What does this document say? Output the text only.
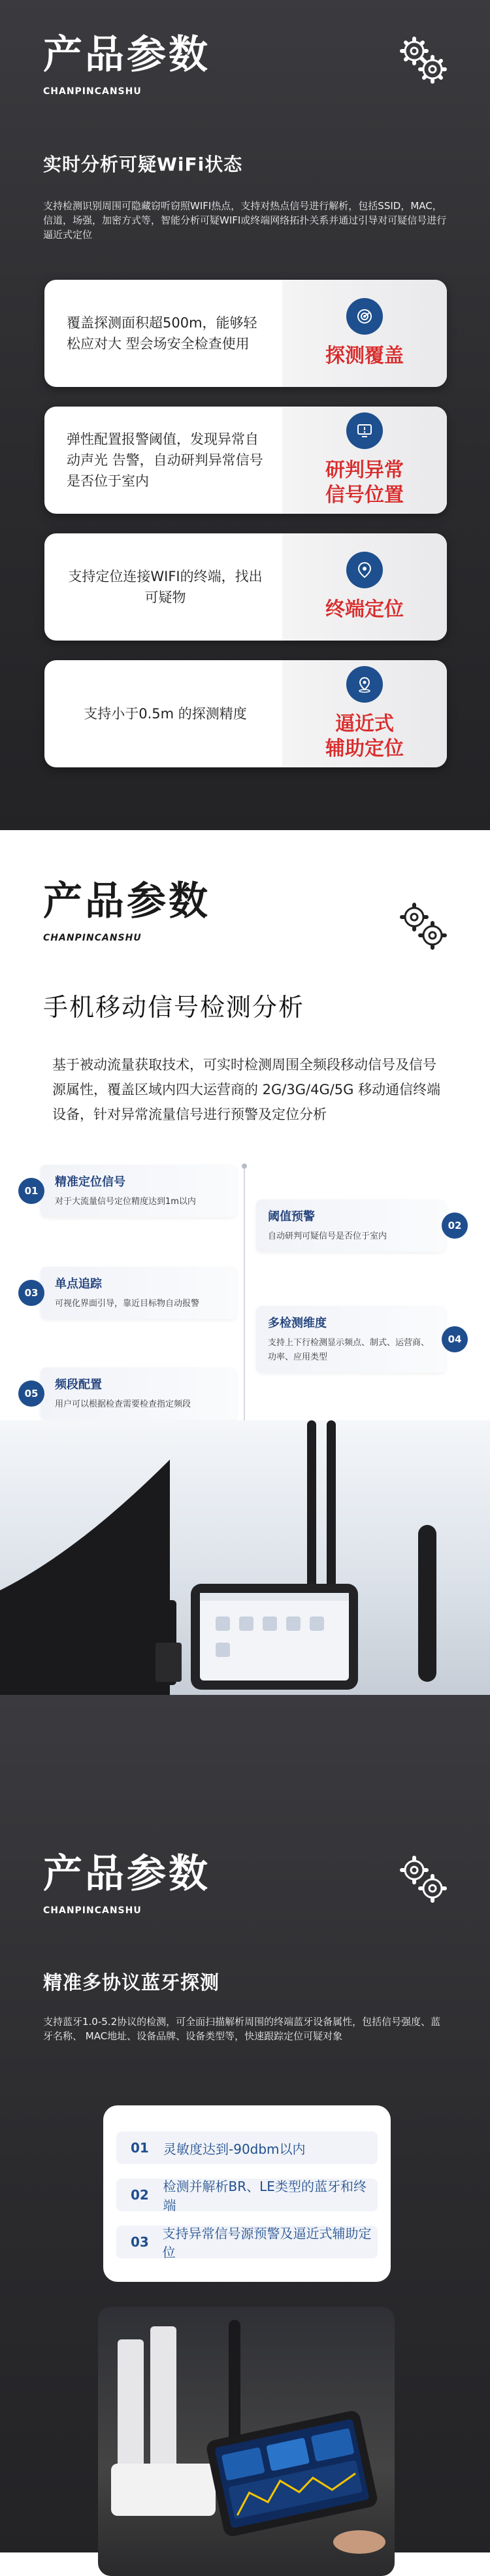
产品参数
CHANPINCANSHU
实时分析可疑WiFi状态
支持检测识别周围可隐藏窃听窃照WIFI热点，支持对热点信号进行解析，包括SSID，MAC，信道，场强，加密方式等，智能分析可疑WIFI或终端网络拓扑关系并通过引导对可疑信号进行逼近式定位
覆盖探测面积超500m，能够轻松应对大 型会场安全检查使用
探测覆盖
弹性配置报警阈值，发现异常自动声光 告警，自动研判异常信号是否位于室内	研判异常
信号位置
支持定位连接WIFI的终端，找出可疑物
终端定位
支持小于0.5m 的探测精度	逼近式
辅助定位
产品参数
CHANPINCANSHU
手机移动信号检测分析
基于被动流量获取技术，可实时检测周围全频段移动信号及信号源属性，覆盖区域内四大运营商的 2G/3G/4G/5G 移动通信终端设备，针对异常流量信号进行预警及定位分析
01
精准定位信号
对于大流量信号定位精度达到1m以内
02
阈值预警
自动研判可疑信号是否位于室内
03
单点追踪
可视化界面引导，靠近目标物自动报警
04
多检测维度
支持上下行检测显示频点、制式、运营商、功率、应用类型
05
频段配置
用户可以根据检查需要检查指定频段
产品参数
CHANPINCANSHU
精准多协议蓝牙探测
支持蓝牙1.0-5.2协议的检测，可全面扫描解析周围的终端蓝牙设备属性，包括信号强度、蓝牙名称、 MAC地址、设备品牌、设备类型等，快速跟踪定位可疑对象
01	灵敏度达到-90dbm以内
02
检测并解析BR、LE类型的蓝牙和终端
03
支持异常信号源预警及逼近式辅助定位
